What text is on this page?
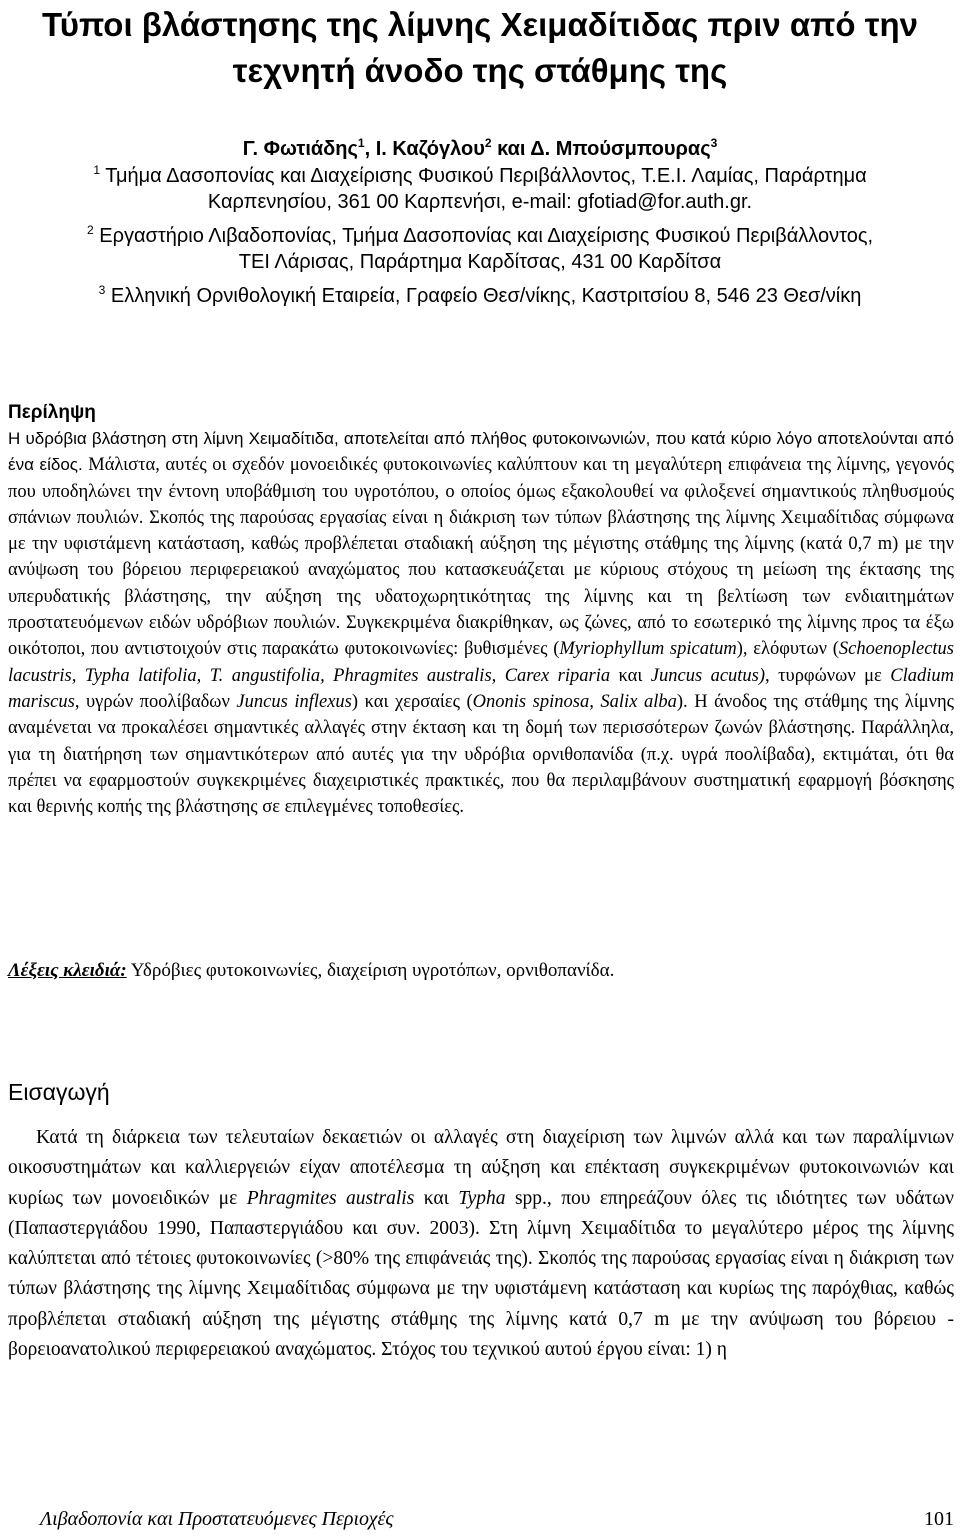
Τύποι βλάστησης της λίμνης Χειμαδίτιδας πριν από την
τεχνητή άνοδο της στάθμης της
Γ. Φωτιάδης$^1$, Ι. Καζόγλου$^2$ και Δ. Μπούσμπουρας$^3$
$^1$ Τμήμα Δασοπονίας και Διαχείρισης Φυσικού Περιβάλλοντος, Τ.Ε.Ι. Λαμίας, Παράρτημα
Καρπενησίου, 361 00 Καρπενήσι, e-mail: gfotiad@for.auth.gr.
$^2$ Εργαστήριο Λιβαδοπονίας, Τμήμα Δασοπονίας και Διαχείρισης Φυσικού Περιβάλλοντος,
ΤΕΙ Λάρισας, Παράρτημα Καρδίτσας, 431 00 Καρδίτσα
$^3$ Ελληνική Ορνιθολογική Εταιρεία, Γραφείο Θεσ/νίκης, Καστριτσίου 8, 546 23 Θεσ/νίκη
Περίληψη
Η υδρόβια βλάστηση στη λίμνη Χειμαδίτιδα, αποτελείται από πλήθος φυτοκοινωνιών, που κατά κύριο λόγο αποτελούνται από ένα είδος. Μάλιστα, αυτές οι σχεδόν μονοειδικές φυτοκοινωνίες καλύπτουν και τη μεγαλύτερη επιφάνεια της λίμνης, γεγονός που υποδηλώνει την έντονη υποβάθμιση του υγροτόπου, ο οποίος όμως εξακολουθεί να φιλοξενεί σημαντικούς πληθυσμούς σπάνιων πουλιών. Σκοπός της παρούσας εργασίας είναι η διάκριση των τύπων βλάστησης της λίμνης Χειμαδίτιδας σύμφωνα με την υφιστάμενη κατάσταση, καθώς προβλέπεται σταδιακή αύξηση της μέγιστης στάθμης της λίμνης (κατά 0,7 m) με την ανύψωση του βόρειου περιφερειακού αναχώματος που κατασκευάζεται με κύριους στόχους τη μείωση της έκτασης της υπερυδατικής βλάστησης, την αύξηση της υδατοχωρητικότητας της λίμνης και τη βελτίωση των ενδιαιτημάτων προστατευόμενων ειδών υδρόβιων πουλιών. Συγκεκριμένα διακρίθηκαν, ως ζώνες, από το εσωτερικό της λίμνης προς τα έξω οικότοποι, που αντιστοιχούν στις παρακάτω φυτοκοινωνίες: βυθισμένες (Myriophyllum spicatum), ελόφυτων (Schoenoplectus lacustris, Typha latifolia, T. angustifolia, Phragmites australis, Carex riparia και Juncus acutus), τυρφώνων με Cladium mariscus, υγρών ποολίβαδων Juncus inflexus) και χερσαίες (Ononis spinosa, Salix alba). Η άνοδος της στάθμης της λίμνης αναμένεται να προκαλέσει σημαντικές αλλαγές στην έκταση και τη δομή των περισσότερων ζωνών βλάστησης. Παράλληλα, για τη διατήρηση των σημαντικότερων από αυτές για την υδρόβια ορνιθοπανίδα (π.χ. υγρά ποολίβαδα), εκτιμάται, ότι θα πρέπει να εφαρμοστούν συγκεκριμένες διαχειριστικές πρακτικές, που θα περιλαμβάνουν συστηματική εφαρμογή βόσκησης και θερινής κοπής της βλάστησης σε επιλεγμένες τοποθεσίες.
Λέξεις κλειδιά: Υδρόβιες φυτοκοινωνίες, διαχείριση υγροτόπων, ορνιθοπανίδα.
Εισαγωγή
Κατά τη διάρκεια των τελευταίων δεκαετιών οι αλλαγές στη διαχείριση των λιμνών αλλά και των παραλίμνιων οικοσυστημάτων και καλλιεργειών είχαν αποτέλεσμα τη αύξηση και επέκταση συγκεκριμένων φυτοκοινωνιών και κυρίως των μονοειδικών με Phragmites australis και Typha spp., που επηρεάζουν όλες τις ιδιότητες των υδάτων (Παπαστεργιάδου 1990, Παπαστεργιάδου και συν. 2003). Στη λίμνη Χειμαδίτιδα το μεγαλύτερο μέρος της λίμνης καλύπτεται από τέτοιες φυτοκοινωνίες (>80% της επιφάνειάς της). Σκοπός της παρούσας εργασίας είναι η διάκριση των τύπων βλάστησης της λίμνης Χειμαδίτιδας σύμφωνα με την υφιστάμενη κατάσταση και κυρίως της παρόχθιας, καθώς προβλέπεται σταδιακή αύξηση της μέγιστης στάθμης της λίμνης κατά 0,7 m με την ανύψωση του βόρειου - βορειοανατολικού περιφερειακού αναχώματος. Στόχος του τεχνικού αυτού έργου είναι: 1) η
Λιβαδοπονία και Προστατευόμενες Περιοχές	101
